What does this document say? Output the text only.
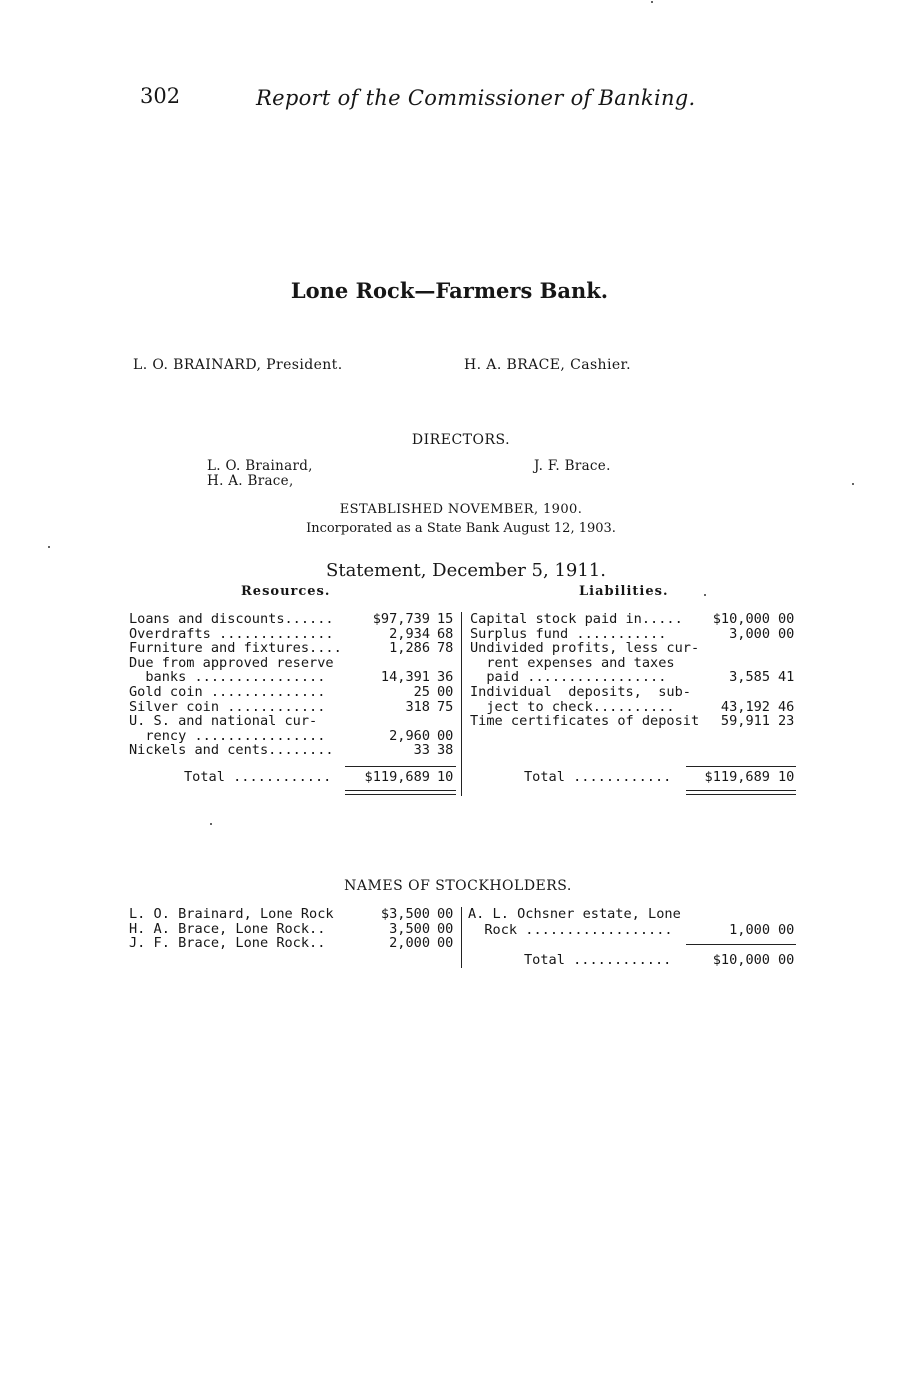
302	Report of the Commissioner of Banking.
Lone Rock—Farmers Bank.
L. O. BRAINARD, President.	H. A. BRACE, Cashier.
DIRECTORS.
L. O. Brainard,
H. A. Brace,
J. F. Brace.
ESTABLISHED NOVEMBER, 1900.
Incorporated as a State Bank August 12, 1903.
Statement, December 5, 1911.
Resources.	Liabilities.
Loans and discounts......	$97,739 15
Overdrafts ..............	2,934 68
Furniture and fixtures....	1,286 78
Due from approved reserve
banks ................	14,391 36
Gold coin ..............	25 00
Silver coin ............	318 75
U. S. and national cur-
rency ................	2,960 00
Nickels and cents........	33 38
Total ............	$119,689 10
Capital stock paid in.....	$10,000 00
Surplus fund ...........	3,000 00
Undivided profits, less cur-
rent expenses and taxes
paid .................	3,585 41
Individual  deposits,  sub-
ject to check..........	43,192 46
Time certificates of deposit	59,911 23
Total ............	$119,689 10
NAMES OF STOCKHOLDERS.
L. O. Brainard, Lone Rock	$3,500 00
H. A. Brace, Lone Rock..	3,500 00
J. F. Brace, Lone Rock..	2,000 00
A. L. Ochsner estate, Lone
Rock ..................	1,000 00
Total ............	$10,000 00
